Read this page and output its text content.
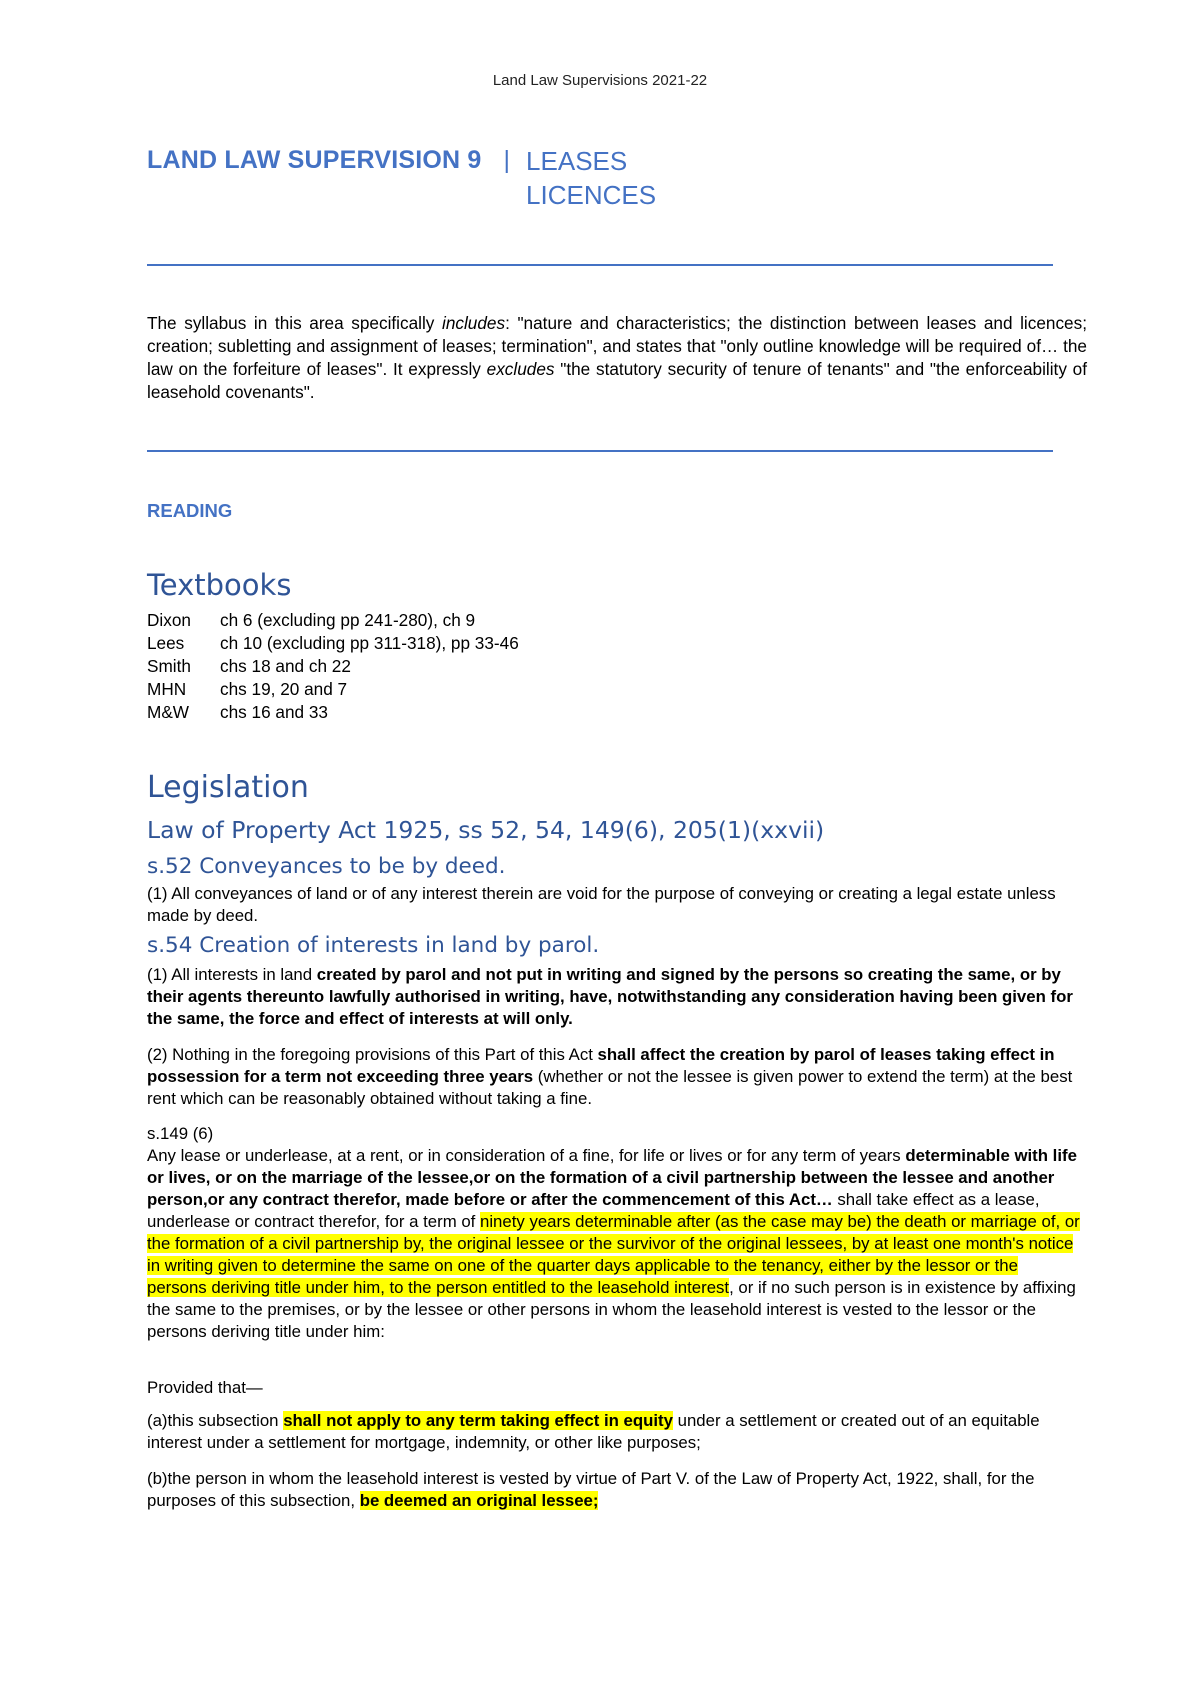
Land Law Supervisions 2021-22
LAND LAW SUPERVISION 9 | LEASES
LICENCES
The syllabus in this area specifically includes: "nature and characteristics; the distinction between leases and licences; creation; subletting and assignment of leases; termination", and states that "only outline knowledge will be required of… the law on the forfeiture of leases". It expressly excludes "the statutory security of tenure of tenants" and "the enforceability of leasehold covenants".
READING
Textbooks
Dixon ch 6 (excluding pp 241-280), ch 9
Lees ch 10 (excluding pp 311-318), pp 33-46
Smith chs 18 and ch 22
MHN chs 19, 20 and 7
M&W chs 16 and 33
Legislation
Law of Property Act 1925, ss 52, 54, 149(6), 205(1)(xxvii)
s.52 Conveyances to be by deed.
(1) All conveyances of land or of any interest therein are void for the purpose of conveying or creating a legal estate unless made by deed.
s.54 Creation of interests in land by parol.
(1) All interests in land created by parol and not put in writing and signed by the persons so creating the same, or by their agents thereunto lawfully authorised in writing, have, notwithstanding any consideration having been given for the same, the force and effect of interests at will only.
(2) Nothing in the foregoing provisions of this Part of this Act shall affect the creation by parol of leases taking effect in possession for a term not exceeding three years (whether or not the lessee is given power to extend the term) at the best rent which can be reasonably obtained without taking a fine.
s.149 (6)
Any lease or underlease, at a rent, or in consideration of a fine, for life or lives or for any term of years determinable with life or lives, or on the marriage of the lessee,or on the formation of a civil partnership between the lessee and another person,or any contract therefor, made before or after the commencement of this Act… shall take effect as a lease, underlease or contract therefor, for a term of ninety years determinable after (as the case may be) the death or marriage of, or the formation of a civil partnership by, the original lessee or the survivor of the original lessees, by at least one month's notice in writing given to determine the same on one of the quarter days applicable to the tenancy, either by the lessor or the persons deriving title under him, to the person entitled to the leasehold interest, or if no such person is in existence by affixing the same to the premises, or by the lessee or other persons in whom the leasehold interest is vested to the lessor or the persons deriving title under him:
Provided that—
(a)this subsection shall not apply to any term taking effect in equity under a settlement or created out of an equitable interest under a settlement for mortgage, indemnity, or other like purposes;
(b)the person in whom the leasehold interest is vested by virtue of Part V. of the Law of Property Act, 1922, shall, for the purposes of this subsection, be deemed an original lessee;
